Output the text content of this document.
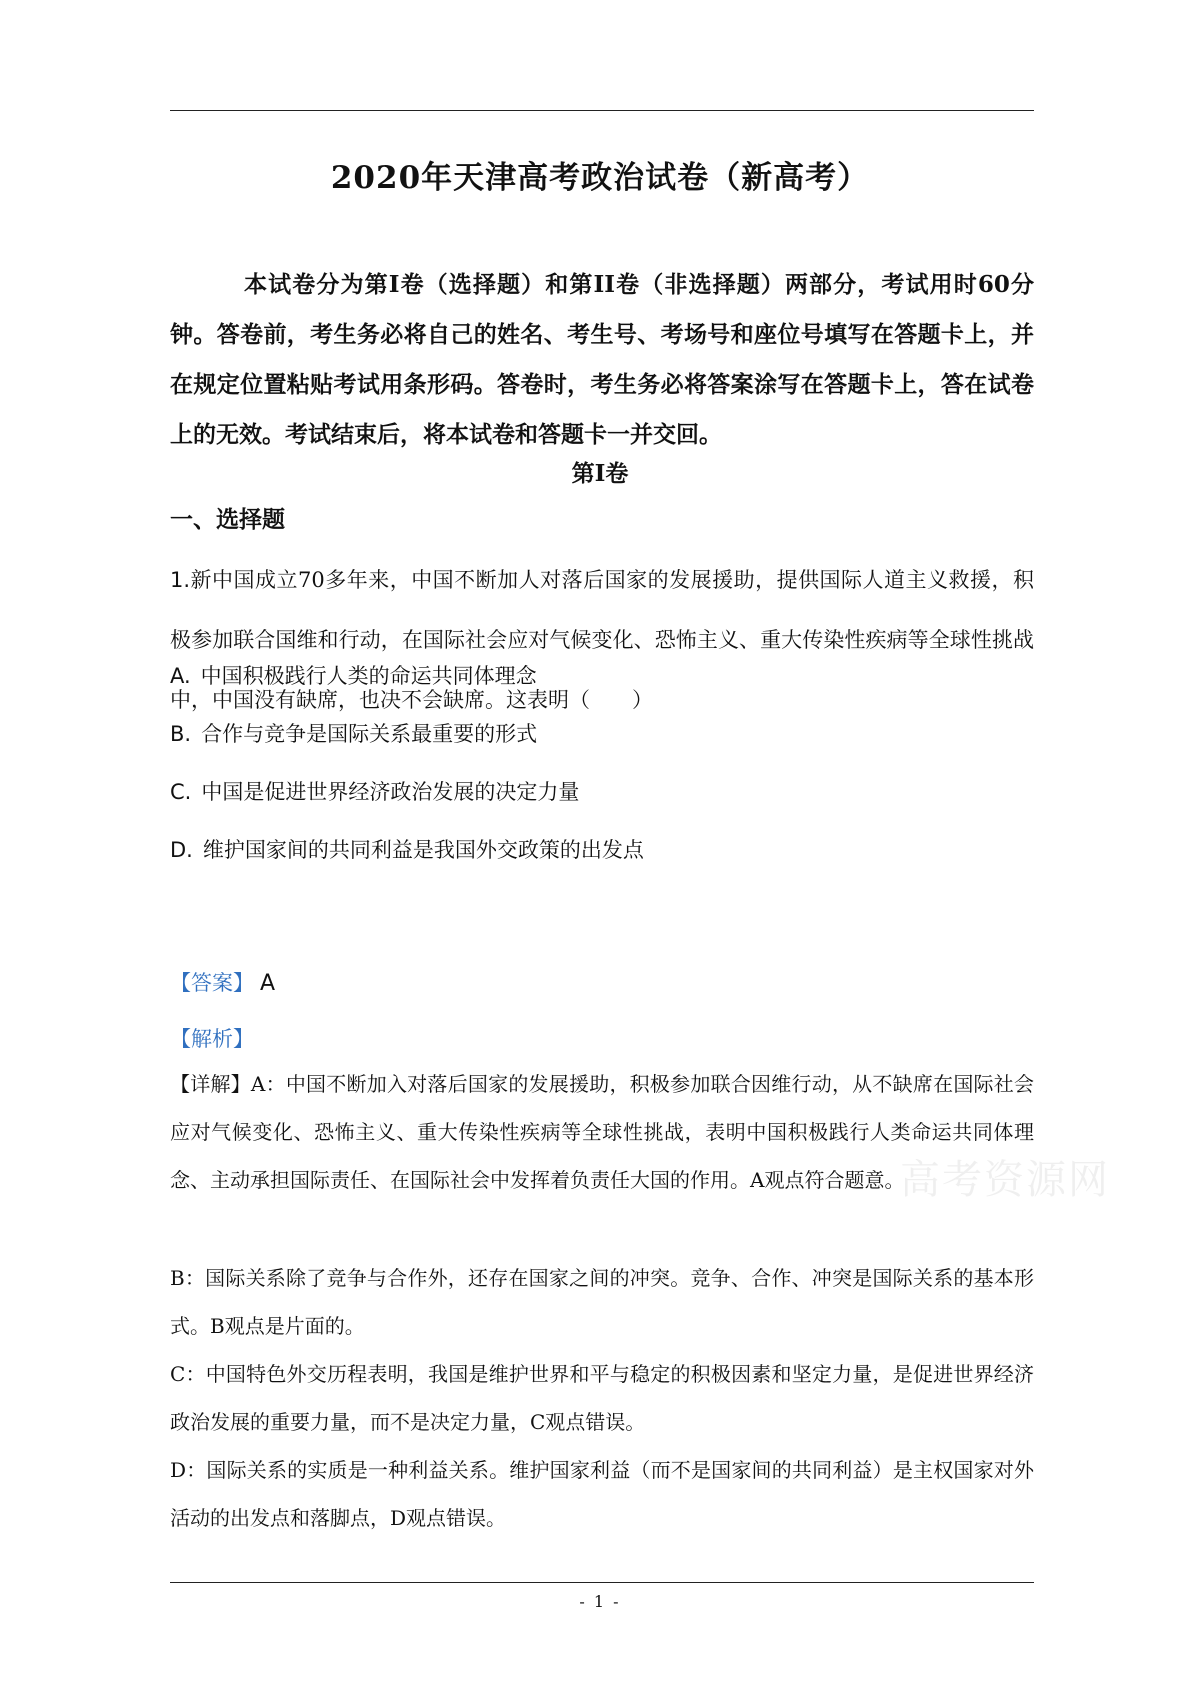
2020年天津高考政治试卷（新高考）
本试卷分为第Ⅰ卷（选择题）和第II卷（非选择题）两部分，考试用时60分钟。答卷前，考生务必将自己的姓名、考生号、考场号和座位号填写在答题卡上，并在规定位置粘贴考试用条形码。答卷时，考生务必将答案涂写在答题卡上，答在试卷上的无效。考试结束后，将本试卷和答题卡一并交回。
第Ⅰ卷
一、选择题
1.新中国成立70多年来，中国不断加人对落后国家的发展援助，提供国际人道主义救援，积极参加联合国维和行动，在国际社会应对气候变化、恐怖主义、重大传染性疾病等全球性挑战中，中国没有缺席，也决不会缺席。这表明（　　）
A. 中国积极践行人类的命运共同体理念
B. 合作与竞争是国际关系最重要的形式
C. 中国是促进世界经济政治发展的决定力量
D. 维护国家间的共同利益是我国外交政策的出发点
【答案】 A
【解析】
【详解】A：中国不断加入对落后国家的发展援助，积极参加联合因维行动，从不缺席在国际社会应对气候变化、恐怖主义、重大传染性疾病等全球性挑战，表明中国积极践行人类命运共同体理念、主动承担国际责任、在国际社会中发挥着负责任大国的作用。A观点符合题意。
高考资源网
B：国际关系除了竞争与合作外，还存在国家之间的冲突。竞争、合作、冲突是国际关系的基本形式。B观点是片面的。
C：中国特色外交历程表明，我国是维护世界和平与稳定的积极因素和坚定力量，是促进世界经济政治发展的重要力量，而不是决定力量，C观点错误。
D：国际关系的实质是一种利益关系。维护国家利益（而不是国家间的共同利益）是主权国家对外活动的出发点和落脚点，D观点错误。
- 1 -
